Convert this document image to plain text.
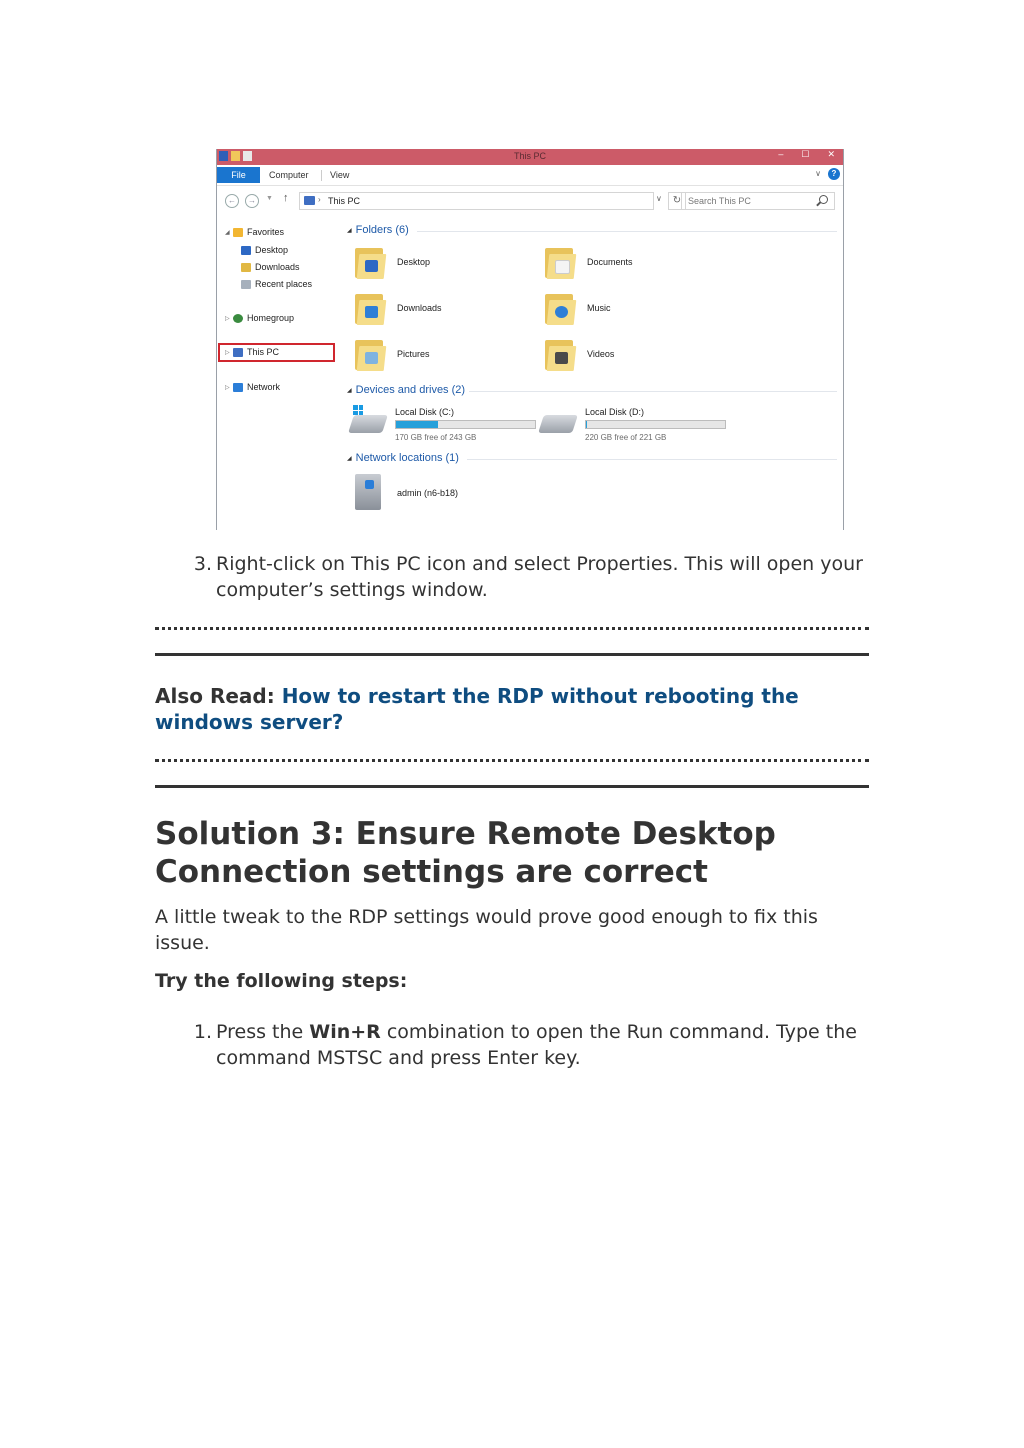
This PC	– ☐ ✕
File	Computer View	∨	?
←	→	▼ ↑	› This PC	∨	↻ Search This PC
◢ Favorites
Desktop
Downloads
Recent places
▷ Homegroup
▷ This PC
▷ Network
◢ Folders (6)
Desktop	Documents
Downloads	Music
Pictures	Videos
◢ Devices and drives (2)
Local Disk (C:)
170 GB free of 243 GB
Local Disk (D:)
220 GB free of 221 GB
◢ Network locations (1)
admin (n6-b18)
3. Right-click on This PC icon and select Properties. This will open your computer’s settings window.
Also Read: How to restart the RDP without rebooting the windows server?
Solution 3: Ensure Remote Desktop Connection settings are correct
A little tweak to the RDP settings would prove good enough to fix this issue.
Try the following steps:
1. Press the Win+R combination to open the Run command. Type the command MSTSC and press Enter key.
